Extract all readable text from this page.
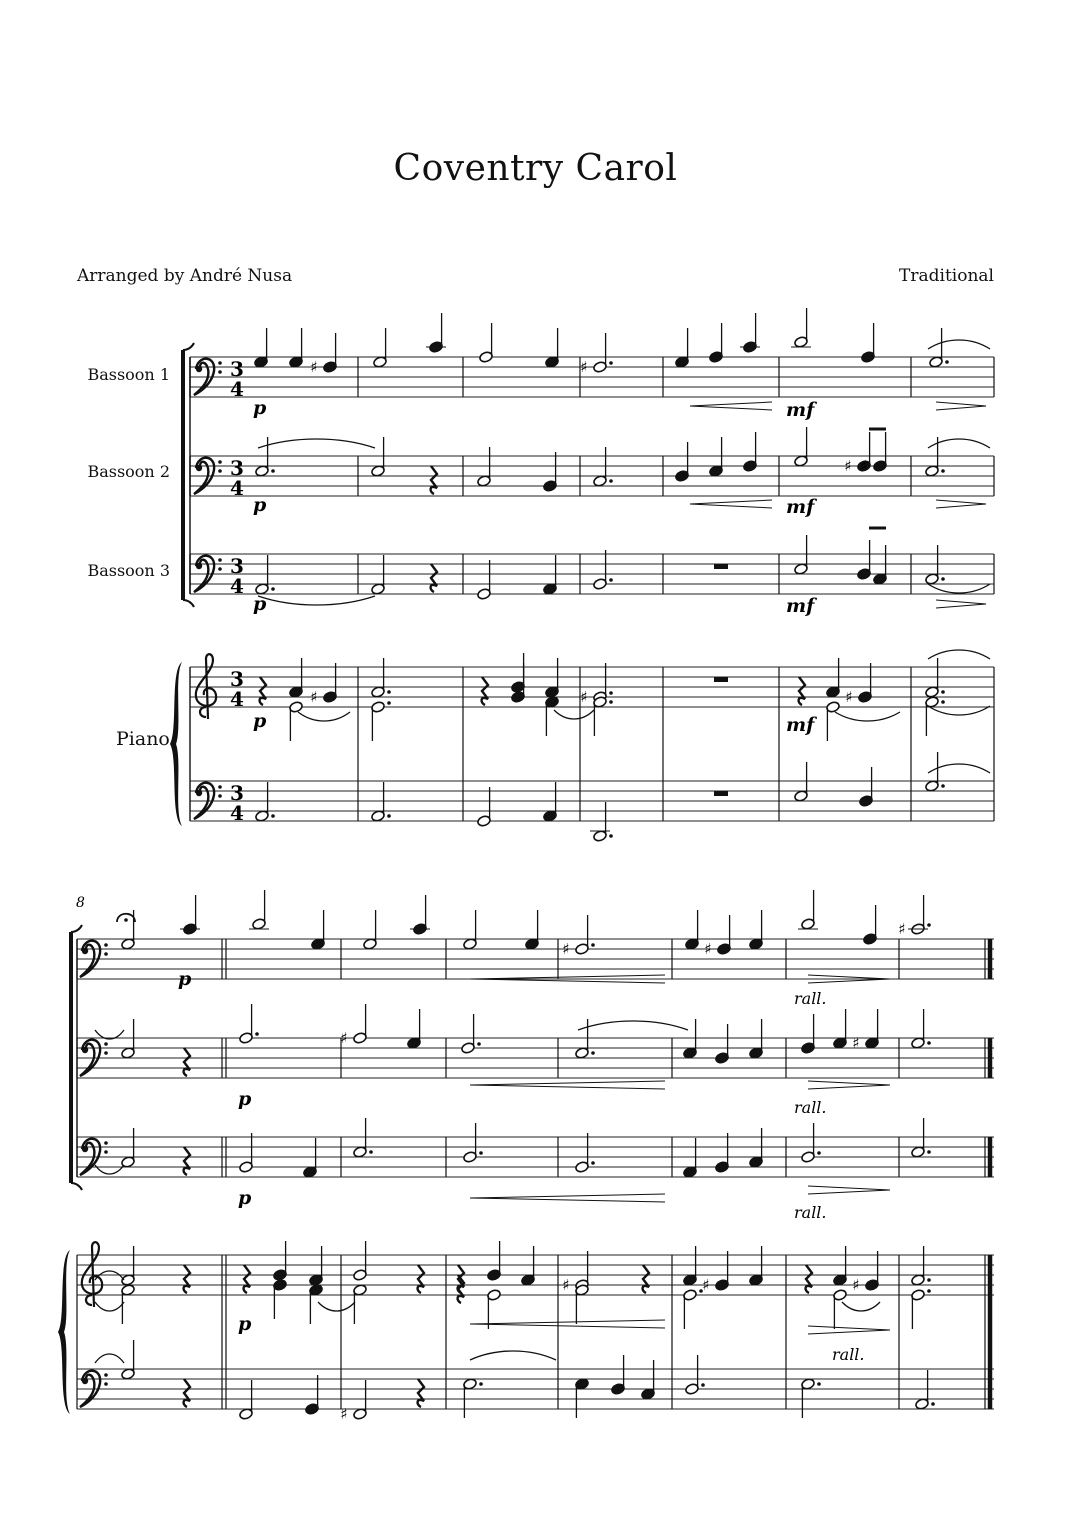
Coventry Carol
Arranged by André Nusa	Traditional
Bassoon 1
Bassoon 2
Bassoon 3
Piano
♯	♯
♯ ♯
♯	♯	♯
♯	♯
♯
♯	♯
♯	♯	♯
♯
3
4
3
4
3
4
3
4
3
4
p	mf
p	mf
p	mf
p	mf
8
p
rall.
p	rall.
p
rall.
p
rall.
